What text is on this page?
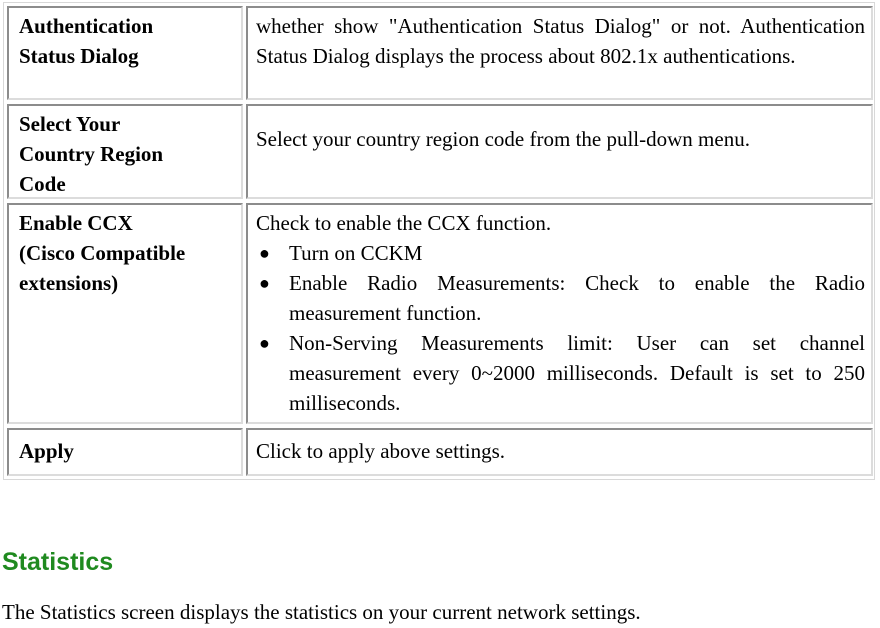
Authentication
Status Dialog
whether show "Authentication Status Dialog" or not. Authentication Status Dialog displays the process about 802.1x authentications.
Select Your
Country Region
Code
Select your country region code from the pull-down menu.
Enable CCX
(Cisco Compatible
extensions)
Check to enable the CCX function.
● Turn on CCKM
● Enable Radio Measurements: Check to enable the Radio measurement function.
● Non-Serving Measurements limit: User can set channel measurement every 0~2000 milliseconds. Default is set to 250 milliseconds.
Apply	Click to apply above settings.
Statistics

The Statistics screen displays the statistics on your current network settings.
